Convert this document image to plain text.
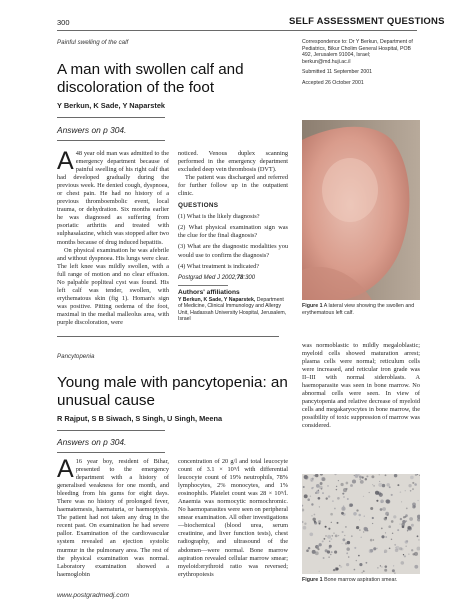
300	SELF ASSESSMENT QUESTIONS
Painful swelling of the calf
A man with swollen calf and
discoloration of the foot
Y Berkun, K Sade, Y Naparstek
Answers on p 304.
Correspondence to: Dr Y Berkun, Department of Pediatrics, Bikur Cholim General Hospital, POB 492, Jerusalem 91004, Israel; berkun@md.huji.ac.il
Submitted 11 September 2001
Accepted 26 October 2001

A 48 year old man was admitted to the emergency department because of painful swelling of his right calf that had developed gradually during the previous week. He denied cough, dyspnoea, or chest pain. He had no history of a previous thromboembolic event, local trauma, or dehydration. Six months earlier he was diagnosed as suffering from psoriatic arthritis and treated with sulphasalazine, which was stopped after two months because of drug induced hepatitis.

On physical examination he was afebrile and without dyspnoea. His lungs were clear. The left knee was mildly swollen, with a full range of motion and no clear effusion. No palpable popliteal cyst was found. His left calf was tender, swollen, with erythematous skin (fig 1). Homan's sign was positive. Pitting oedema of the foot, maximal in the medial malleolus area, with purple discoloration, were

noticed. Venous duplex scanning performed in the emergency department excluded deep vein thrombosis (DVT).

The patient was discharged and referred for further follow up in the outpatient clinic.

QUESTIONS
(1) What is the likely diagnosis?
(2) What physical examination sign was the clue for the final diagnosis?
(3) What are the diagnostic modalities you would use to confirm the diagnosis?
(4) What treatment is indicated?
Postgrad Med J 2002;78:300
Authors' affiliations
Y Berkun, K Sade, Y Naparstek, Department of Medicine, Clinical Immunology and Allergy Unit, Hadassah University Hospital, Jerusalem, Israel
Figure 1 A lateral view showing the swollen and erythematous left calf.
Pancytopenia
Young male with pancytopenia: an
unusual cause
R Rajput, S B Siwach, S Singh, U Singh, Meena
Answers on p 304.

A 16 year boy, resident of Bihar, presented to the emergency department with a history of generalised weakness for one month, and bleeding from his gums for eight days. There was no history of prolonged fever, haematemesis, haematuria, or haemoptysis. The patient had not taken any drug in the recent past. On examination he had severe pallor. Examination of the cardiovascular system revealed an ejection systolic murmur in the pulmonary area. The rest of the physical examination was normal. Laboratory examination showed a haemoglobin

concentration of 20 g/l and total leucocyte count of 3.1 × 10⁹/l with differential leucocyte count of 19% neutrophils, 78% lymphocytes, 2% monocytes, and 1% eosinophils. Platelet count was 28 × 10⁹/l. Anaemia was normocytic normochromic. No haemoparasites were seen on peripheral smear examination. All other investigations—biochemical (blood urea, serum creatinine, and liver function tests), chest radiography, and ultrasound of the abdomen—were normal. Bone marrow aspiration revealed cellular marrow smear; myeloid:erythroid ratio was reversed; erythropoiesis

was normoblastic to mildly megaloblastic; myeloid cells showed maturation arrest; plasma cells were normal; reticulum cells were increased, and reticular iron grade was II–III with normal sideroblasts. A haemoparasite was seen in bone marrow. No abnormal cells were seen. In view of pancytopenia and relative decrease of myeloid cells and megakaryocytes in bone marrow, the possibility of toxic suppression of marrow was considered.

Figure 1 Bone marrow aspiration smear.
www.postgradmedj.com
